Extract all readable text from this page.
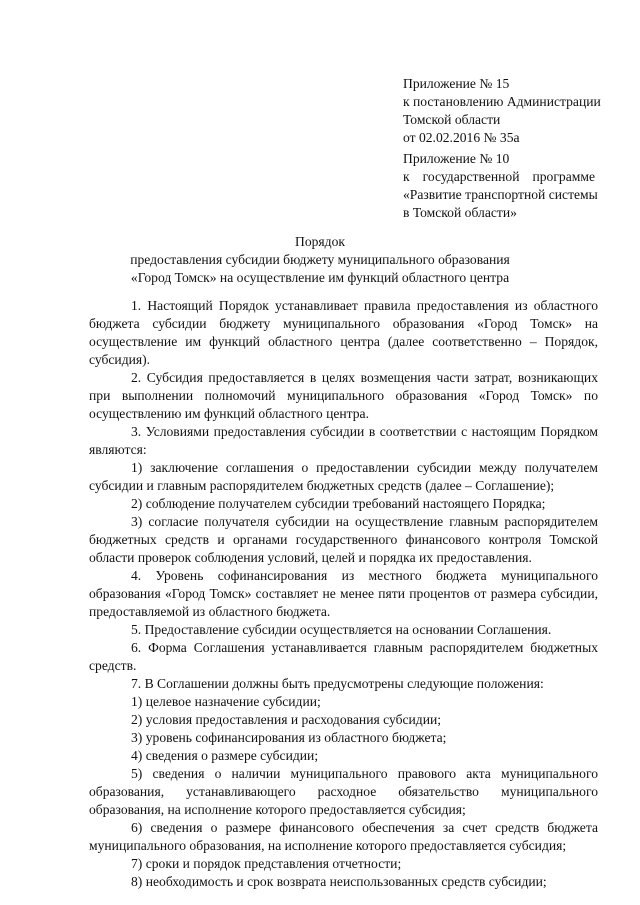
Приложение № 15
к постановлению Администрации
Томской области
от 02.02.2016 № 35а
Приложение № 10
к государственной программе
«Развитие транспортной системы
в Томской области»
Порядок
предоставления субсидии бюджету муниципального образования
«Город Томск» на осуществление им функций областного центра

1. Настоящий Порядок устанавливает правила предоставления из областного бюджета субсидии бюджету муниципального образования «Город Томск» на осуществление им функций областного центра (далее соответственно – Порядок, субсидия).

2. Субсидия предоставляется в целях возмещения части затрат, возникающих при выполнении полномочий муниципального образования «Город Томск» по осуществлению им функций областного центра.

3. Условиями предоставления субсидии в соответствии с настоящим Порядком являются:

1) заключение соглашения о предоставлении субсидии между получателем субсидии и главным распорядителем бюджетных средств (далее – Соглашение);

2) соблюдение получателем субсидии требований настоящего Порядка;

3) согласие получателя субсидии на осуществление главным распорядителем бюджетных средств и органами государственного финансового контроля Томской области проверок соблюдения условий, целей и порядка их предоставления.

4. Уровень софинансирования из местного бюджета муниципального образования «Город Томск» составляет не менее пяти процентов от размера субсидии, предоставляемой из областного бюджета.

5. Предоставление субсидии осуществляется на основании Соглашения.

6. Форма Соглашения устанавливается главным распорядителем бюджетных средств.

7. В Соглашении должны быть предусмотрены следующие положения:

1) целевое назначение субсидии;

2) условия предоставления и расходования субсидии;

3) уровень софинансирования из областного бюджета;

4) сведения о размере субсидии;

5) сведения о наличии муниципального правового акта муниципального образования, устанавливающего расходное обязательство муниципального образования, на исполнение которого предоставляется субсидия;

6) сведения о размере финансового обеспечения за счет средств бюджета муниципального образования, на исполнение которого предоставляется субсидия;

7) сроки и порядок представления отчетности;

8) необходимость и срок возврата неиспользованных средств субсидии;
